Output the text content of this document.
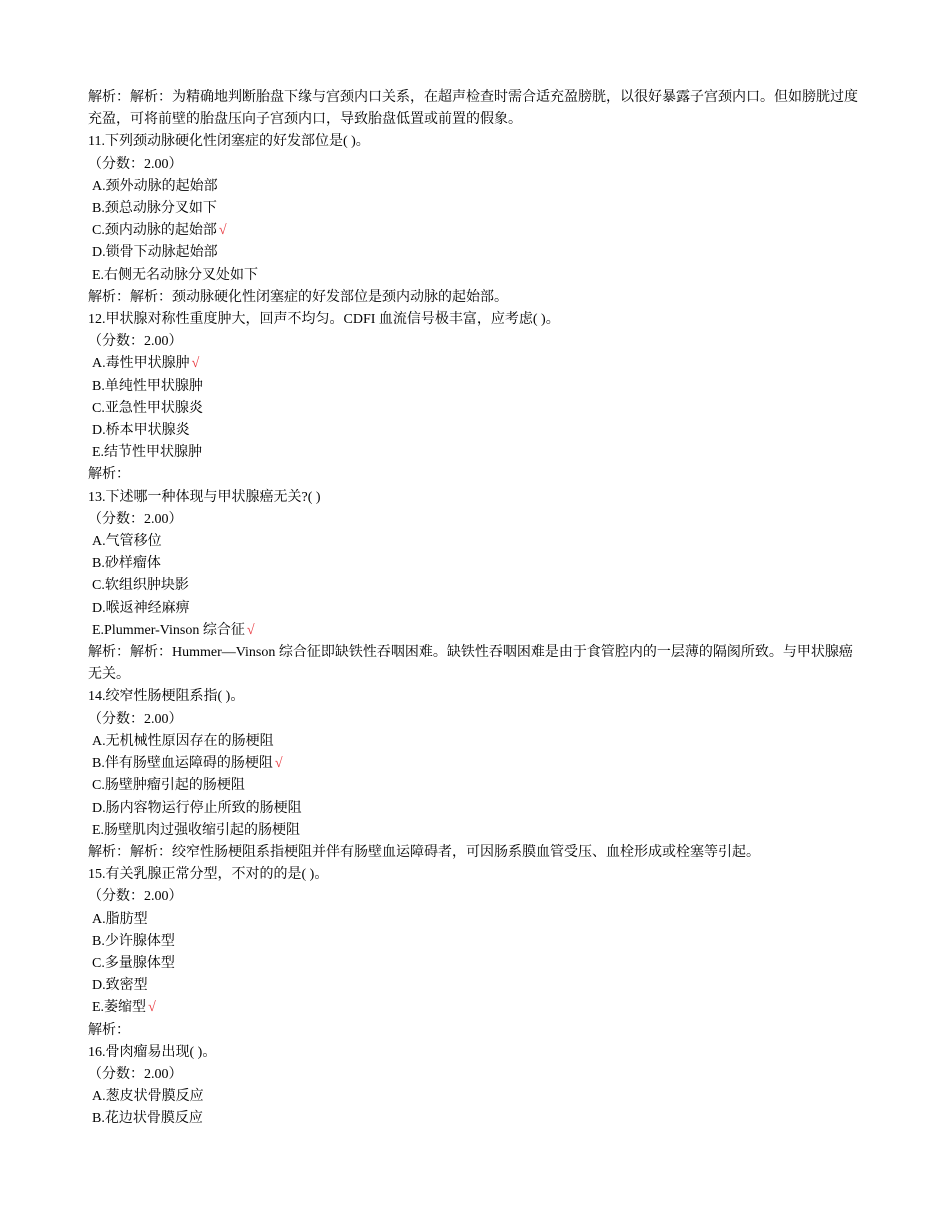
解析：解析：为精确地判断胎盘下缘与宫颈内口关系，在超声检查时需合适充盈膀胱，以很好暴露子宫颈内口。但如膀胱过度充盈，可将前壁的胎盘压向子宫颈内口，导致胎盘低置或前置的假象。
11.下列颈动脉硬化性闭塞症的好发部位是( )。
（分数：2.00）
A.颈外动脉的起始部
B.颈总动脉分叉如下
C.颈内动脉的起始部 √
D.锁骨下动脉起始部
E.右侧无名动脉分叉处如下
解析：解析：颈动脉硬化性闭塞症的好发部位是颈内动脉的起始部。
12.甲状腺对称性重度肿大，回声不均匀。CDFI 血流信号极丰富，应考虑( )。
（分数：2.00）
A.毒性甲状腺肿 √
B.单纯性甲状腺肿
C.亚急性甲状腺炎
D.桥本甲状腺炎
E.结节性甲状腺肿
解析：
13.下述哪一种体现与甲状腺癌无关?( )
（分数：2.00）
A.气管移位
B.砂样瘤体
C.软组织肿块影
D.喉返神经麻痹
E.Plummer-Vinson 综合征 √
解析：解析：Hummer—Vinson 综合征即缺铁性吞咽困难。缺铁性吞咽困难是由于食管腔内的一层薄的隔阂所致。与甲状腺癌无关。
14.绞窄性肠梗阻系指( )。
（分数：2.00）
A.无机械性原因存在的肠梗阻
B.伴有肠壁血运障碍的肠梗阻 √
C.肠壁肿瘤引起的肠梗阻
D.肠内容物运行停止所致的肠梗阻
E.肠壁肌肉过强收缩引起的肠梗阻
解析：解析：绞窄性肠梗阻系指梗阻并伴有肠壁血运障碍者，可因肠系膜血管受压、血栓形成或栓塞等引起。
15.有关乳腺正常分型，不对的的是( )。
（分数：2.00）
A.脂肪型
B.少许腺体型
C.多量腺体型
D.致密型
E.萎缩型 √
解析：
16.骨肉瘤易出现( )。
（分数：2.00）
A.葱皮状骨膜反应
B.花边状骨膜反应
